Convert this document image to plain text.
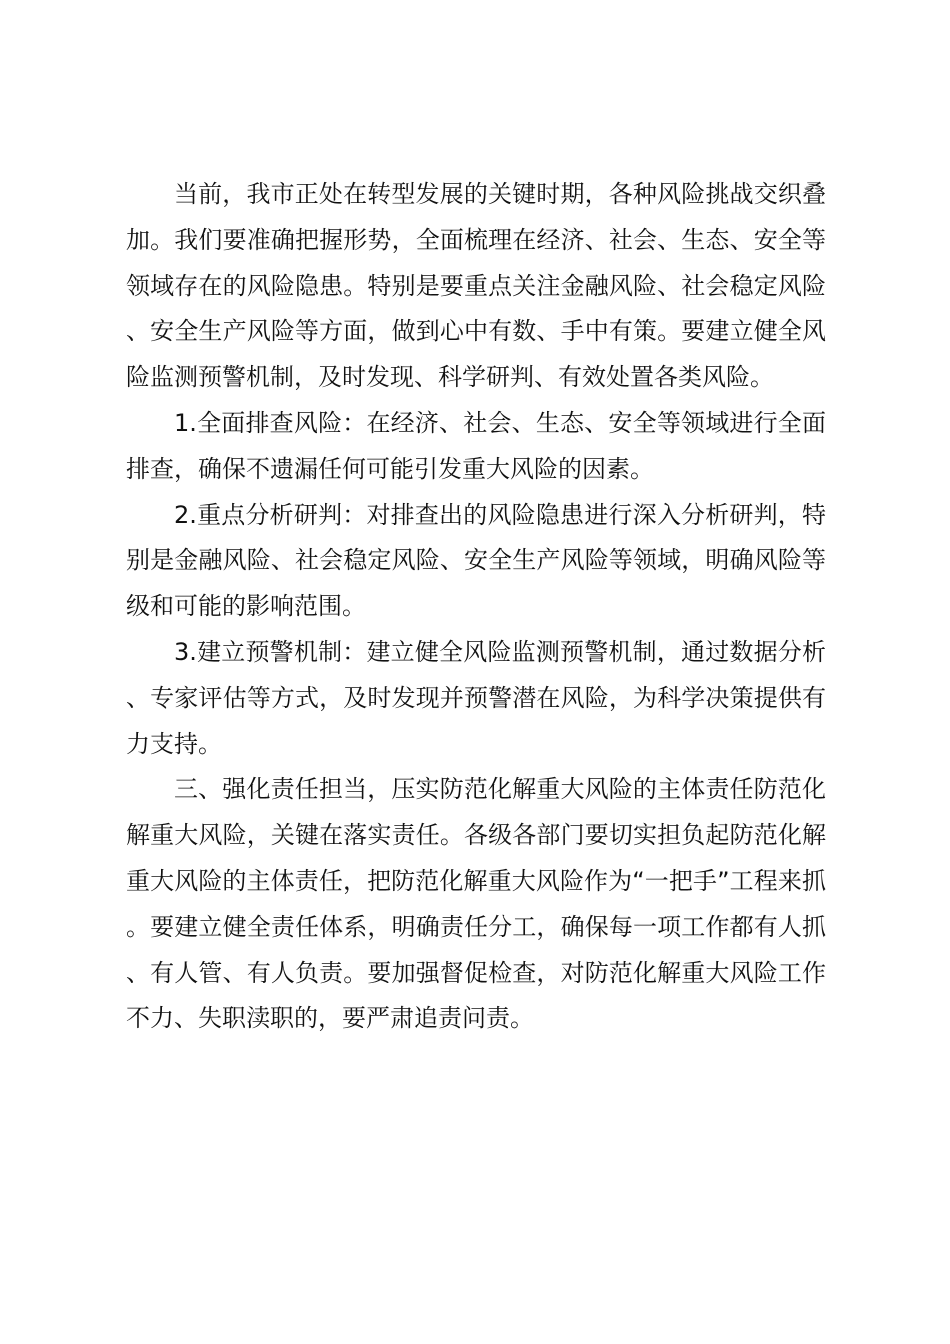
当前，我市正处在转型发展的关键时期，各种风险挑战交织叠加。我们要准确把握形势，全面梳理在经济、社会、生态、安全等领域存在的风险隐患。特别是要重点关注金融风险、社会稳定风险、安全生产风险等方面，做到心中有数、手中有策。要建立健全风险监测预警机制，及时发现、科学研判、有效处置各类风险。

1.全面排查风险：在经济、社会、生态、安全等领域进行全面排查，确保不遗漏任何可能引发重大风险的因素。

2.重点分析研判：对排查出的风险隐患进行深入分析研判，特别是金融风险、社会稳定风险、安全生产风险等领域，明确风险等级和可能的影响范围。

3.建立预警机制：建立健全风险监测预警机制，通过数据分析、专家评估等方式，及时发现并预警潜在风险，为科学决策提供有力支持。

三、强化责任担当，压实防范化解重大风险的主体责任防范化解重大风险，关键在落实责任。各级各部门要切实担负起防范化解重大风险的主体责任，把防范化解重大风险作为“一把手”工程来抓。要建立健全责任体系，明确责任分工，确保每一项工作都有人抓、有人管、有人负责。要加强督促检查，对防范化解重大风险工作不力、失职渎职的，要严肃追责问责。
